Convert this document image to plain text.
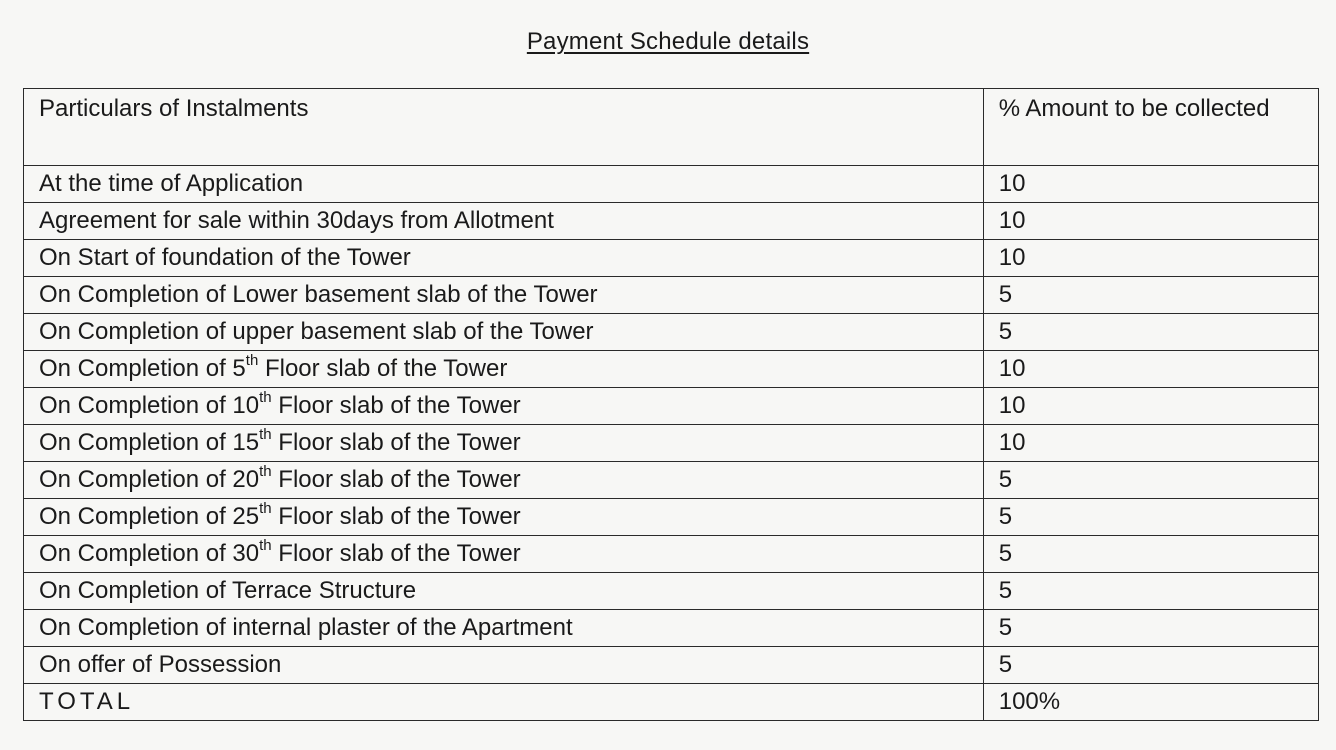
Payment Schedule details
Particulars of Instalments	% Amount to be collected
At the time of Application	10
Agreement for sale within 30days from Allotment	10
On Start of foundation of the Tower	10
On Completion of Lower basement slab of the Tower	5
On Completion of upper basement slab of the Tower	5
On Completion of 5th Floor slab of the Tower	10
On Completion of 10th Floor slab of the Tower	10
On Completion of 15th Floor slab of the Tower	10
On Completion of 20th Floor slab of the Tower	5
On Completion of 25th Floor slab of the Tower	5
On Completion of 30th Floor slab of the Tower	5
On Completion of Terrace Structure	5
On Completion of internal plaster of the Apartment	5
On offer of Possession	5
TOTAL	100%
